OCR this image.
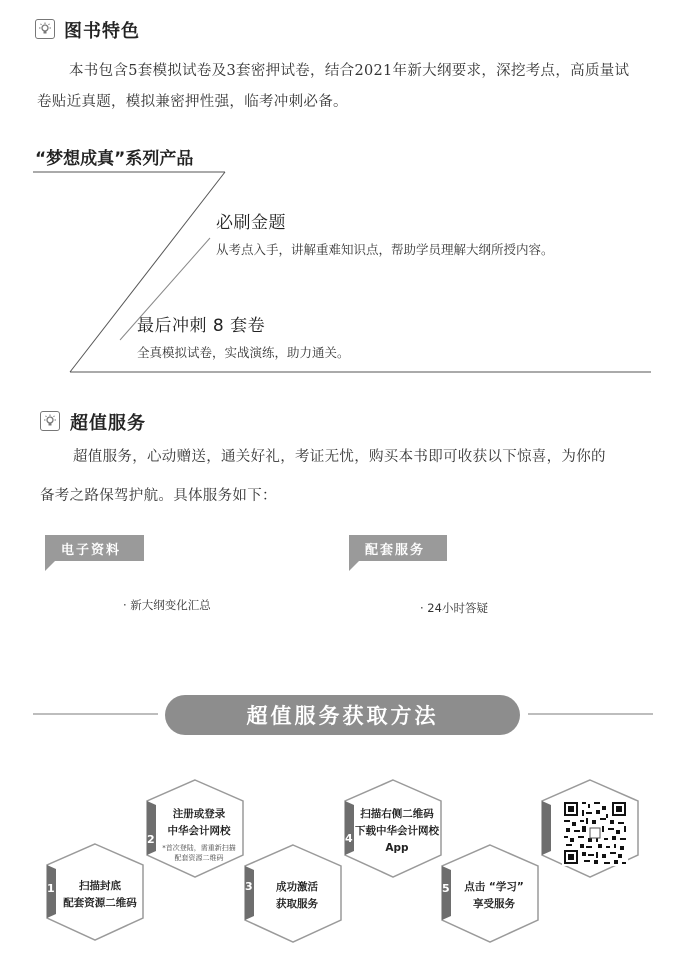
图书特色
本书包含5套模拟试卷及3套密押试卷，结合2021年新大纲要求，深挖考点，高质量试
卷贴近真题，模拟兼密押性强，临考冲刺必备。
“梦想成真”系列产品
必刷金题
从考点入手，讲解重难知识点，帮助学员理解大纲所授内容。
最后冲刺 8 套卷
全真模拟试卷，实战演练，助力通关。
超值服务
超值服务，心动赠送，通关好礼，考证无忧，购买本书即可收获以下惊喜，为你的
备考之路保驾护航。具体服务如下：
电子资料
· 新大纲变化汇总
配套服务
· 24小时答疑
超值服务获取方法
1
2
3
4
5
扫描封底
配套资源二维码
注册或登录
中华会计网校
*首次登陆，需重新扫描
配套资源二维码
成功激活
获取服务
扫描右侧二维码
下载中华会计网校
App
点击 “学习”
享受服务
